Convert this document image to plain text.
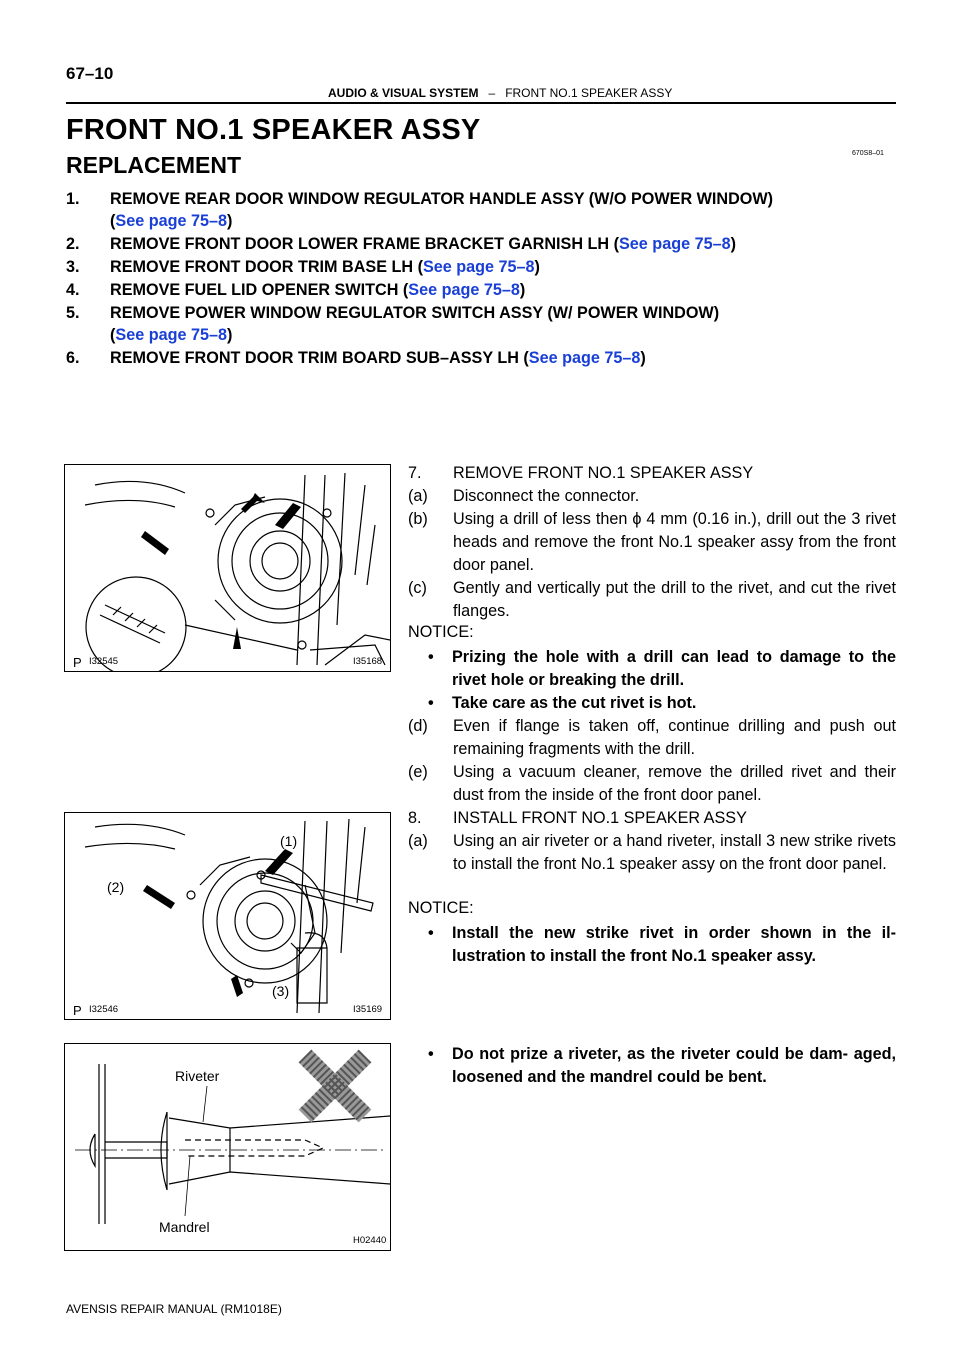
67–10
AUDIO & VISUAL SYSTEM – FRONT NO.1 SPEAKER ASSY
FRONT NO.1 SPEAKER ASSY
670S8–01
REPLACEMENT
1. REMOVE REAR DOOR WINDOW REGULATOR HANDLE ASSY (W/O POWER WINDOW)
(See page 75–8)
2. REMOVE FRONT DOOR LOWER FRAME BRACKET GARNISH LH (See page 75–8)
3. REMOVE FRONT DOOR TRIM BASE LH (See page 75–8)
4. REMOVE FUEL LID OPENER SWITCH (See page 75–8)
5. REMOVE POWER WINDOW REGULATOR SWITCH ASSY (W/ POWER WINDOW)
(See page 75–8)
6. REMOVE FRONT DOOR TRIM BOARD SUB–ASSY LH (See page 75–8)
P I32545	I35168
(1)
(2)
(3)
P I32546	I35169
Riveter
Mandrel
H02440
7. REMOVE FRONT NO.1 SPEAKER ASSY
(a) Disconnect the connector.
(b) Using a drill of less then ϕ 4 mm (0.16 in.), drill out the 3 rivet heads and remove the front No.1 speaker assy from the front door panel.
(c) Gently and vertically put the drill to the rivet, and cut the rivet flanges.
NOTICE:
• Prizing the hole with a drill can lead to damage to the rivet hole or breaking the drill.
• Take care as the cut rivet is hot.
(d) Even if flange is taken off, continue drilling and push out remaining fragments with the drill.
(e) Using a vacuum cleaner, remove the drilled rivet and their dust from the inside of the front door panel.
8. INSTALL FRONT NO.1 SPEAKER ASSY
(a) Using an air riveter or a hand riveter, install 3 new strike rivets to install the front No.1 speaker assy on the front door panel.
NOTICE:
• Install the new strike rivet in order shown in the il- lustration to install the front No.1 speaker assy.
• Do not prize a riveter, as the riveter could be dam- aged, loosened and the mandrel could be bent.
AVENSIS REPAIR MANUAL (RM1018E)
